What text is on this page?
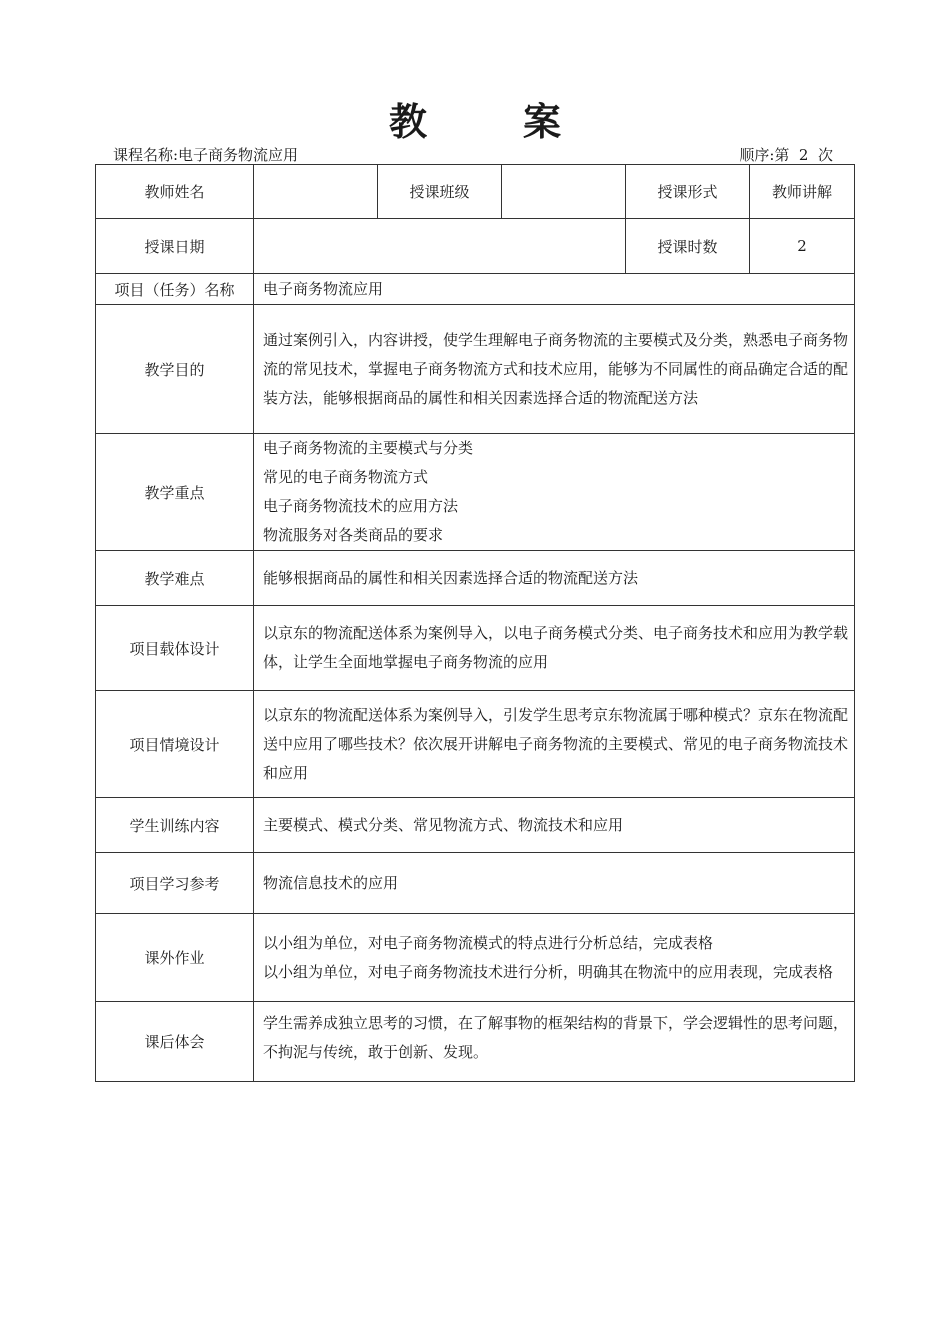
教	案
课程名称:电子商务物流应用	顺序:第  2  次
教师姓名		授课班级		授课形式	教师讲解
授课日期				授课时数	2
项目（任务）名称	电子商务物流应用				
教学目的	通过案例引入，内容讲授，使学生理解电子商务物流的主要模式及分类，熟悉电子商务物流的常见技术，掌握电子商务物流方式和技术应用，能够为不同属性的商品确定合适的配装方法，能够根据商品的属性和相关因素选择合适的物流配送方法				

教学重点	电子商务物流的主要模式与分类
常见的电子商务物流方式
电子商务物流技术的应用方法
物流服务对各类商品的要求				

教学难点	能够根据商品的属性和相关因素选择合适的物流配送方法				
项目载体设计	以京东的物流配送体系为案例导入，以电子商务模式分类、电子商务技术和应用为教学载体，让学生全面地掌握电子商务物流的应用				

项目情境设计	以京东的物流配送体系为案例导入，引发学生思考京东物流属于哪种模式？京东在物流配送中应用了哪些技术？依次展开讲解电子商务物流的主要模式、常见的电子商务物流技术和应用				

学生训练内容	主要模式、模式分类、常见物流方式、物流技术和应用				
项目学习参考	物流信息技术的应用				
课外作业	以小组为单位，对电子商务物流模式的特点进行分析总结，完成表格
以小组为单位，对电子商务物流技术进行分析，明确其在物流中的应用表现，完成表格				

课后体会	学生需养成独立思考的习惯，在了解事物的框架结构的背景下，学会逻辑性的思考问题，不拘泥与传统，敢于创新、发现。				
